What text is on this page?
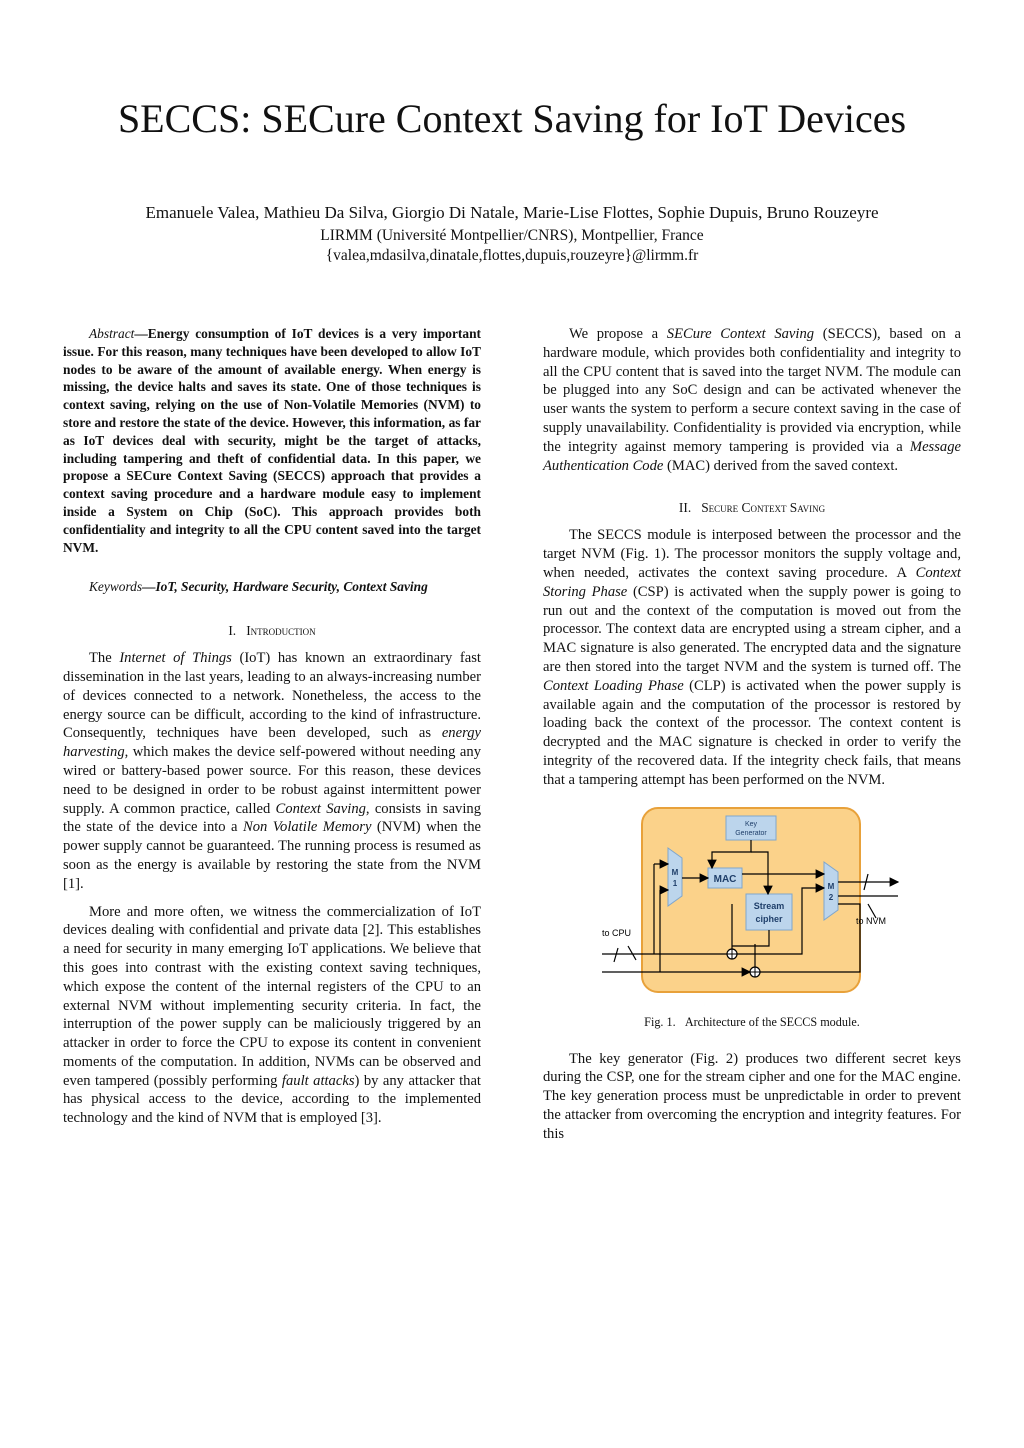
SECCS: SECure Context Saving for IoT Devices
Emanuele Valea, Mathieu Da Silva, Giorgio Di Natale, Marie-Lise Flottes, Sophie Dupuis, Bruno Rouzeyre
LIRMM (Université Montpellier/CNRS), Montpellier, France
{valea,mdasilva,dinatale,flottes,dupuis,rouzeyre}@lirmm.fr

Abstract—Energy consumption of IoT devices is a very important issue. For this reason, many techniques have been developed to allow IoT nodes to be aware of the amount of available energy. When energy is missing, the device halts and saves its state. One of those techniques is context saving, relying on the use of Non-Volatile Memories (NVM) to store and restore the state of the device. However, this information, as far as IoT devices deal with security, might be the target of attacks, including tampering and theft of confidential data. In this paper, we propose a SECure Context Saving (SECCS) approach that provides a context saving procedure and a hardware module easy to implement inside a System on Chip (SoC). This approach provides both confidentiality and integrity to all the CPU content saved into the target NVM.

Keywords—IoT, Security, Hardware Security, Context Saving

I. Introduction

The Internet of Things (IoT) has known an extraordinary fast dissemination in the last years, leading to an always-increasing number of devices connected to a network. Nonetheless, the access to the energy source can be difficult, according to the kind of infrastructure. Consequently, techniques have been developed, such as energy harvesting, which makes the device self-powered without needing any wired or battery-based power source. For this reason, these devices need to be designed in order to be robust against intermittent power supply. A common practice, called Context Saving, consists in saving the state of the device into a Non Volatile Memory (NVM) when the power supply cannot be guaranteed. The running process is resumed as soon as the energy is available by restoring the state from the NVM [1].

More and more often, we witness the commercialization of IoT devices dealing with confidential and private data [2]. This establishes a need for security in many emerging IoT applications. We believe that this goes into contrast with the existing context saving techniques, which expose the content of the internal registers of the CPU to an external NVM without implementing security criteria. In fact, the interruption of the power supply can be maliciously triggered by an attacker in order to force the CPU to expose its content in convenient moments of the computation. In addition, NVMs can be observed and even tampered (possibly performing fault attacks) by any attacker that has physical access to the device, according to the implemented technology and the kind of NVM that is employed [3].

We propose a SECure Context Saving (SECCS), based on a hardware module, which provides both confidentiality and integrity to all the CPU content that is saved into the target NVM. The module can be plugged into any SoC design and can be activated whenever the user wants the system to perform a secure context saving in the case of supply unavailability. Confidentiality is provided via encryption, while the integrity against memory tampering is provided via a Message Authentication Code (MAC) derived from the saved context.

II. Secure Context Saving

The SECCS module is interposed between the processor and the target NVM (Fig. 1). The processor monitors the supply voltage and, when needed, activates the context saving procedure. A Context Storing Phase (CSP) is activated when the supply power is going to run out and the context of the computation is moved out from the processor. The context data are encrypted using a stream cipher, and a MAC signature is also generated. The encrypted data and the signature are then stored into the target NVM and the system is turned off. The Context Loading Phase (CLP) is activated when the power supply is available again and the computation of the processor is restored by loading back the context of the processor. The context content is decrypted and the MAC signature is checked in order to verify the integrity of the recovered data. If the integrity check fails, that means that a tampering attempt has been performed on the NVM.

Key
Generator
M
1	MAC
Stream
cipher
M
2
to CPU
to NVM
Fig. 1. Architecture of the SECCS module.

The key generator (Fig. 2) produces two different secret keys during the CSP, one for the stream cipher and one for the MAC engine. The key generation process must be unpredictable in order to prevent the attacker from overcoming the encryption and integrity features. For this
